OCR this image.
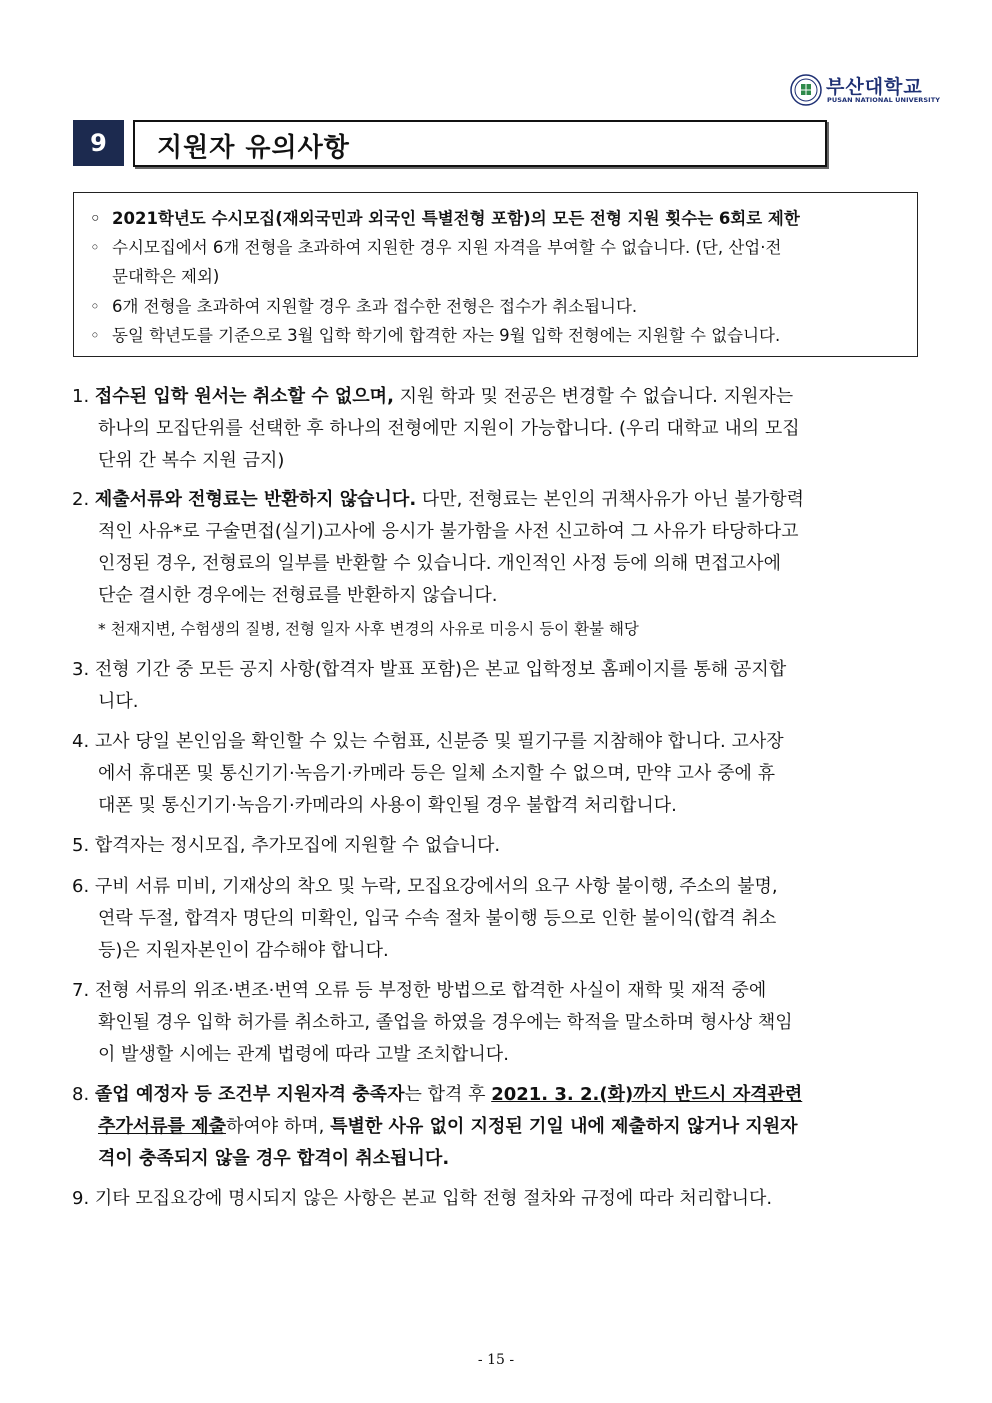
부산대학교
PUSAN NATIONAL UNIVERSITY
9	지원자 유의사항
◦ 2021학년도 수시모집(재외국민과 외국인 특별전형 포함)의 모든 전형 지원 횟수는 6회로 제한
◦ 수시모집에서 6개 전형을 초과하여 지원한 경우 지원 자격을 부여할 수 없습니다. (단, 산업·전
문대학은 제외)
◦ 6개 전형을 초과하여 지원할 경우 초과 접수한 전형은 접수가 취소됩니다.
◦ 동일 학년도를 기준으로 3월 입학 학기에 합격한 자는 9월 입학 전형에는 지원할 수 없습니다.
1. 접수된 입학 원서는 취소할 수 없으며, 지원 학과 및 전공은 변경할 수 없습니다. 지원자는
하나의 모집단위를 선택한 후 하나의 전형에만 지원이 가능합니다. (우리 대학교 내의 모집
단위 간 복수 지원 금지)
2. 제출서류와 전형료는 반환하지 않습니다. 다만, 전형료는 본인의 귀책사유가 아닌 불가항력
적인 사유*로 구술면접(실기)고사에 응시가 불가함을 사전 신고하여 그 사유가 타당하다고
인정된 경우, 전형료의 일부를 반환할 수 있습니다. 개인적인 사정 등에 의해 면접고사에
단순 결시한 경우에는 전형료를 반환하지 않습니다.
* 천재지변, 수험생의 질병, 전형 일자 사후 변경의 사유로 미응시 등이 환불 해당
3. 전형 기간 중 모든 공지 사항(합격자 발표 포함)은 본교 입학정보 홈페이지를 통해 공지합
니다.
4. 고사 당일 본인임을 확인할 수 있는 수험표, 신분증 및 필기구를 지참해야 합니다. 고사장
에서 휴대폰 및 통신기기·녹음기·카메라 등은 일체 소지할 수 없으며, 만약 고사 중에 휴
대폰 및 통신기기·녹음기·카메라의 사용이 확인될 경우 불합격 처리합니다.
5. 합격자는 정시모집, 추가모집에 지원할 수 없습니다.
6. 구비 서류 미비, 기재상의 착오 및 누락, 모집요강에서의 요구 사항 불이행, 주소의 불명,
연락 두절, 합격자 명단의 미확인, 입국 수속 절차 불이행 등으로 인한 불이익(합격 취소
등)은 지원자본인이 감수해야 합니다.
7. 전형 서류의 위조·변조·번역 오류 등 부정한 방법으로 합격한 사실이 재학 및 재적 중에
확인될 경우 입학 허가를 취소하고, 졸업을 하였을 경우에는 학적을 말소하며 형사상 책임
이 발생할 시에는 관계 법령에 따라 고발 조치합니다.
8. 졸업 예정자 등 조건부 지원자격 충족자는 합격 후 2021. 3. 2.(화)까지 반드시 자격관련
추가서류를 제출하여야 하며, 특별한 사유 없이 지정된 기일 내에 제출하지 않거나 지원자
격이 충족되지 않을 경우 합격이 취소됩니다.
9. 기타 모집요강에 명시되지 않은 사항은 본교 입학 전형 절차와 규정에 따라 처리합니다.
- 15 -
